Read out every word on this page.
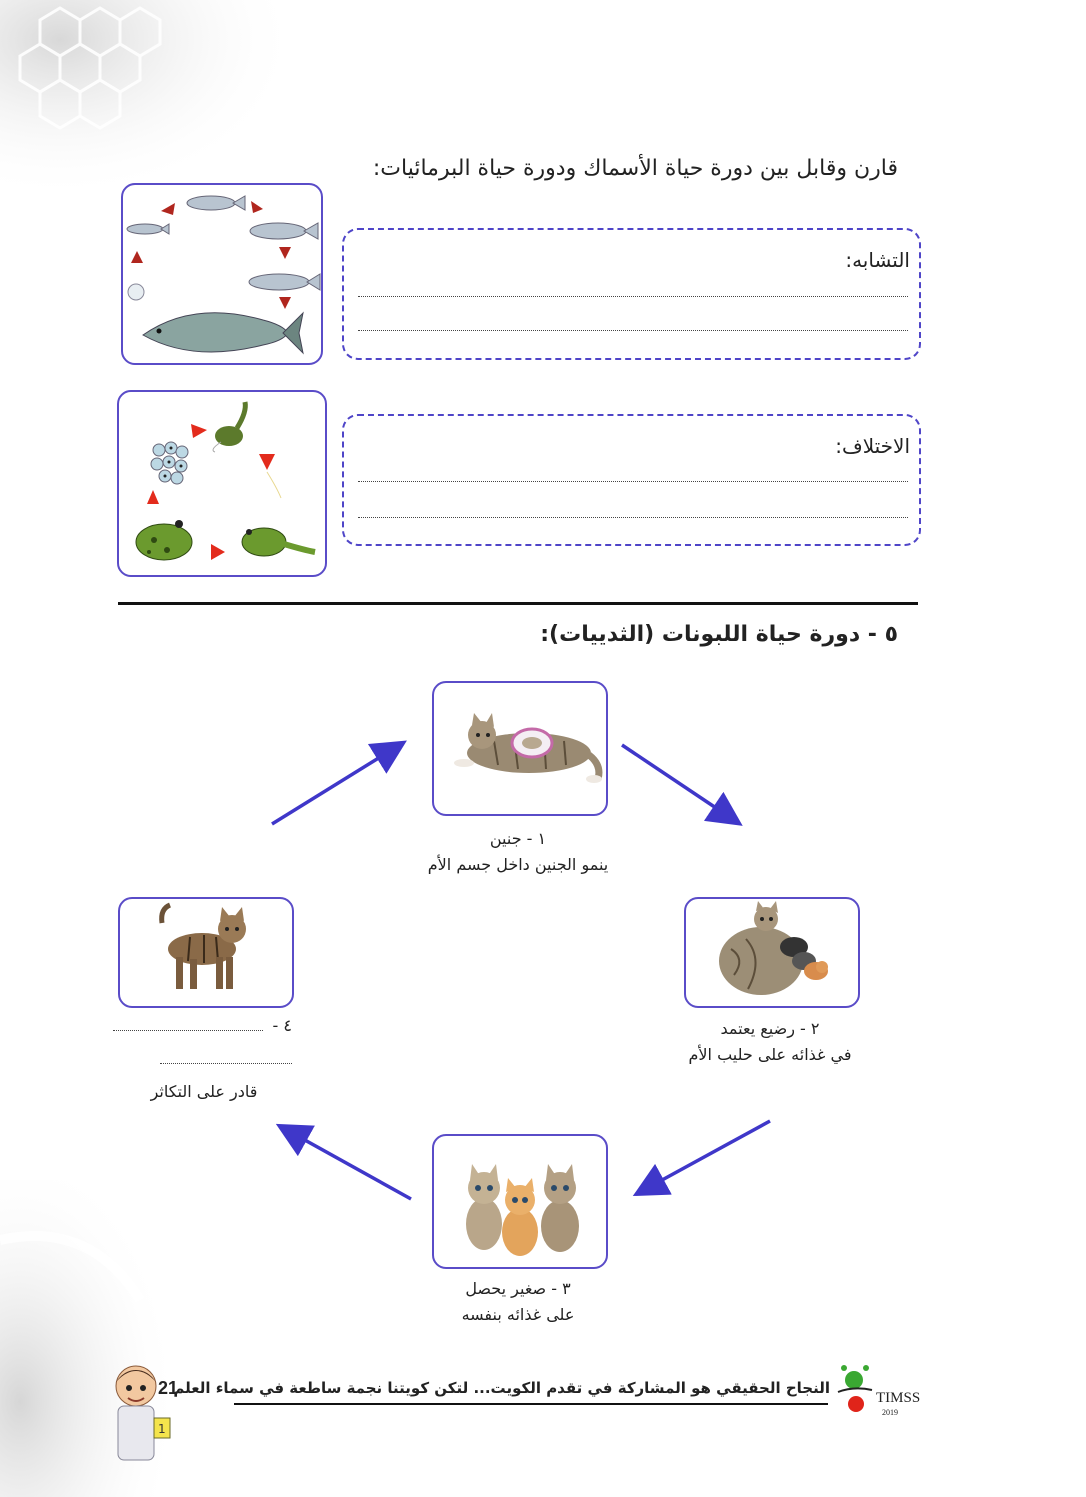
قارن وقابل بين دورة حياة الأسماك ودورة حياة البرمائيات:
التشابه:
الاختلاف:
٥ - دورة حياة اللبونات (الثدييات):
١ - جنين
ينمو الجنين داخل جسم الأم
٢ - رضيع يعتمد
في غذائه على حليب الأم
٣ - صغير يحصل
على غذائه بنفسه
٤ -
قادر على التكاثر
1
21
النجاح الحقيقي هو المشاركة في تقدم الكويت... لتكن كويتنا نجمة ساطعة في سماء العلم
TIMSS
2019
